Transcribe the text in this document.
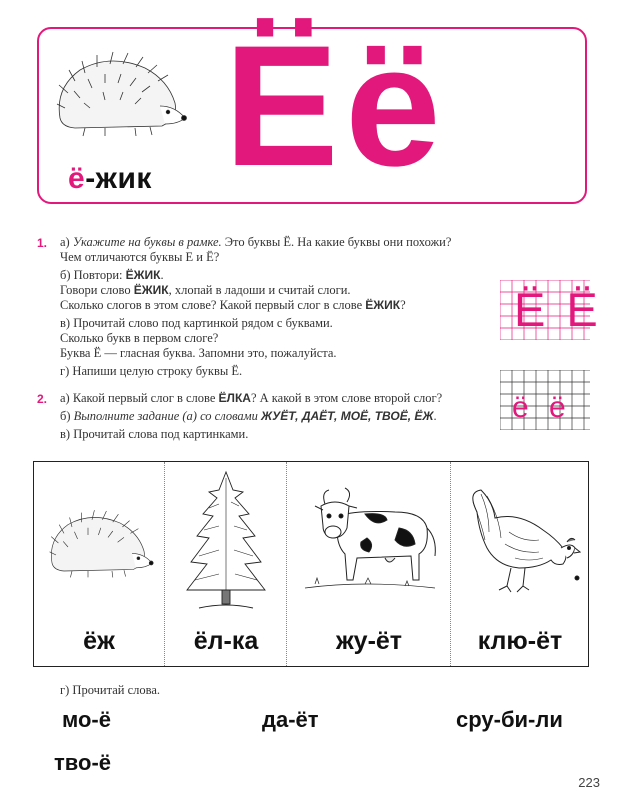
ё-жик Ёё
1. а) Укажите на буквы в рамке. Это буквы Ё. На какие буквы они похожи?
Чем отличаются буквы Е и Ё?
б) Повтори: ЁЖИК.
Говори слово ЁЖИК, хлопай в ладоши и считай слоги.
Сколько слогов в этом слове? Какой первый слог в слове ЁЖИК?
в) Прочитай слово под картинкой рядом с буквами.
Сколько букв в первом слоге?
Буква Ё — гласная буква. Запомни это, пожалуйста.
г) Напиши целую строку буквы Ё.
2. а) Какой первый слог в слове ЁЛКА? А какой в этом слове второй слог?
б) Выполните задание (а) со словами ЖУЁТ, ДАЁТ, МОЁ, ТВОЁ, ЁЖ.
в) Прочитай слова под картинками.
Ё Ё
ё ё
ёж	ёл-ка	жу-ёт	клю-ёт
г) Прочитай слова.
мо-ё	да-ёт	сру-би-ли
тво-ё
223
